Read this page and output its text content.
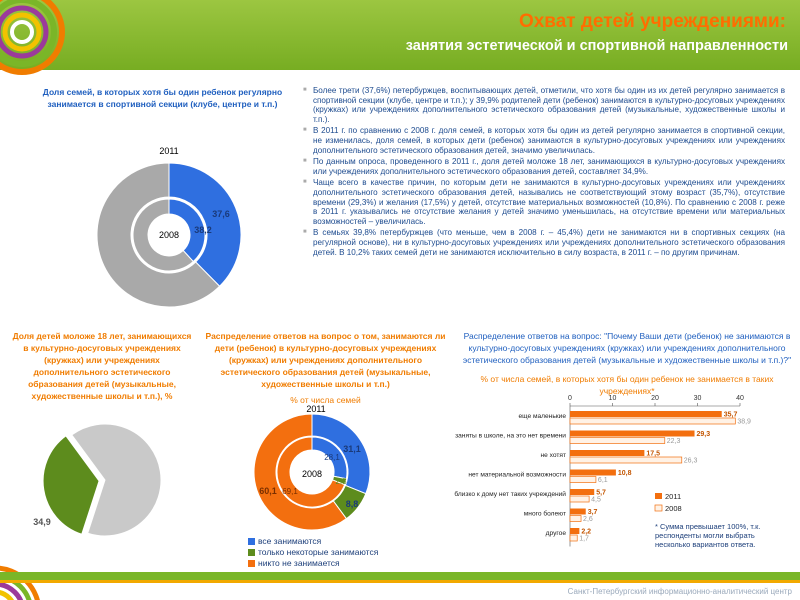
Охват детей учреждениями:
занятия эстетической и спортивной направленности
Доля семей, в которых хотя бы один ребенок регулярно занимается в спортивной секции (клубе, центре и т.п.)
2011
2008
37,6
38,2

■ Более трети (37,6%) петербуржцев, воспитывающих детей, отметили, что хотя бы один из их детей регулярно занимается в спортивной секции (клубе, центре и т.п.); у 39,9% родителей дети (ребенок) занимаются в культурно-досуговых учреждениях (кружках) или учреждениях дополнительного эстетического образования детей (музыкальные, художественные школы и т.п.).

■ В 2011 г. по сравнению с 2008 г. доля семей, в которых хотя бы один из детей регулярно занимается в спортивной секции, не изменилась, доля семей, в которых дети (ребенок) занимаются в культурно-досуговых учреждениях или учреждениях дополнительного эстетического образования детей, значимо увеличилась.

■ По данным опроса, проведенного в 2011 г., доля детей моложе 18 лет, занимающихся в культурно-досуговых учреждениях или учреждениях дополнительного эстетического образования детей, составляет 34,9%.

■ Чаще всего в качестве причин, по которым дети не занимаются в культурно-досуговых учреждениях или учреждениях дополнительного эстетического образования детей, назывались не соответствующий этому возраст (35,7%), отсутствие времени (29,3%) и желания (17,5%) у детей, отсутствие материальных возможностей (10,8%). По сравнению с 2008 г. реже в 2011 г. указывались не отсутствие желания у детей значимо уменьшилась, на отсутствие времени или материальных возможностей – увеличилась.

■ В семьях 39,8% петербуржцев (что меньше, чем в 2008 г. – 45,4%) дети не занимаются ни в спортивных секциях (на регулярной основе), ни в культурно-досуговых учреждениях или учреждениях дополнительного эстетического образования детей. В 10,2% таких семей дети не занимаются исключительно в силу возраста, в 2011 г. – по другим причинам.

Доля детей моложе 18 лет, занимающихся в культурно-досуговых учреждениях (кружках) или учреждениях дополнительного эстетического образования детей (музыкальные, художественные школы и т.п.), %
34,9
Распределение ответов на вопрос о том, занимаются ли дети (ребенок) в культурно-досуговых учреждениях (кружках) или учреждениях дополнительного эстетического образования детей (музыкальные, художественные школы и т.п.)
% от числа семей
2011
2008
31,1
28,1
8,8
2,8
60,1 69,1
все занимаются
только некоторые занимаются
никто не занимается
Распределение ответов на вопрос: "Почему Ваши дети (ребенок) не занимаются в культурно-досуговых учреждениях (кружках) или учреждениях дополнительного эстетического образования детей (музыкальные и художественные школы и т.п.)?"
% от числа семей, в которых хотя бы один ребенок не занимается в таких учреждениях*
0	10	20	30	40
еще маленькие	35,7
38,9
заняты в школе, на это нет времени	29,3
22,3
не хотят	17,5
26,3
нет материальной возможности	10,8
6,1
близко к дому нет таких учреждений	5,7
4,5
много болеют	3,7
2,6
другое 2,2
1,7
2011
2008
* Сумма превышает 100%, т.к. респонденты могли выбрать несколько вариантов ответа.
Санкт-Петербургский информационно-аналитический центр
